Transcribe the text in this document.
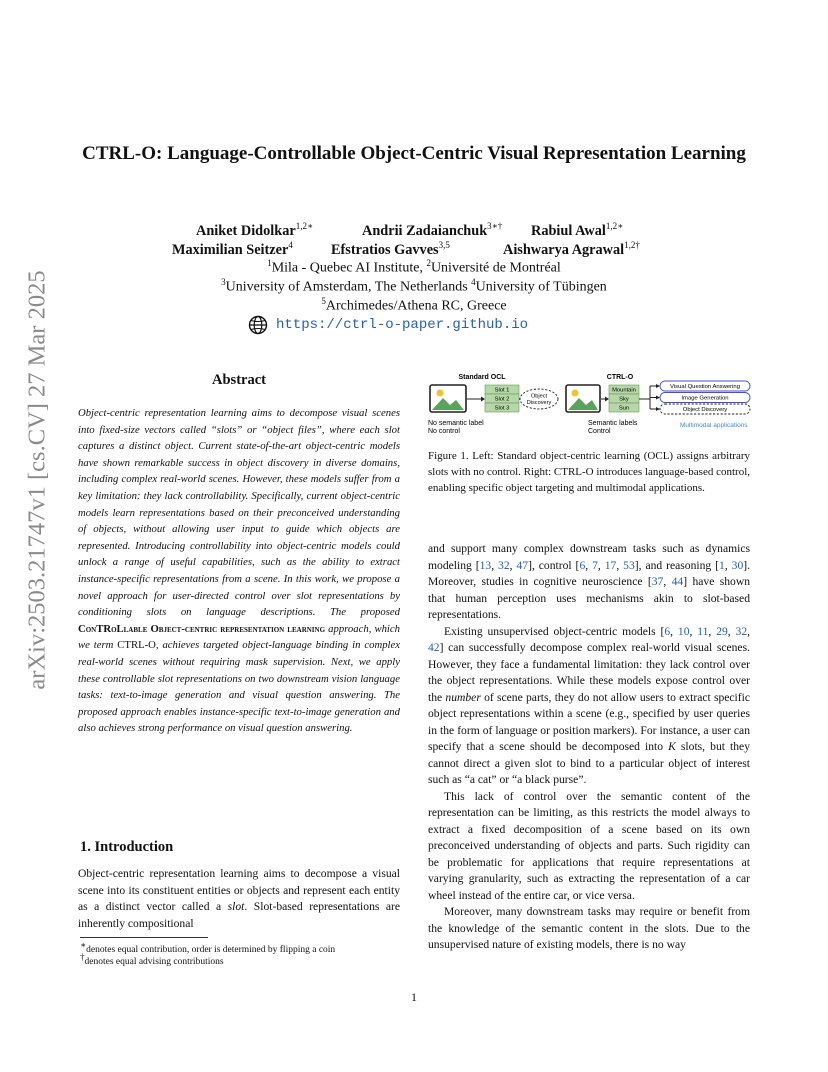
arXiv:2503.21747v1 [cs.CV] 27 Mar 2025
CTRL-O: Language-Controllable Object-Centric Visual Representation Learning
Aniket Didolkar$^{1,2∗}$	Andrii Zadaianchuk$^{3∗\dagger}$ Rabiul Awal$^{1,2∗}$
Maximilian Seitzer$^4$	Efstratios Gavves$^{3,5}$	Aishwarya Agrawal$^{1,2\dagger}$
$^1$Mila - Quebec AI Institute, $^2$Université de Montréal
$^3$University of Amsterdam, The Netherlands $^4$University of Tübingen
$^5$Archimedes/Athena RC, Greece
https://ctrl-o-paper.github.io
Abstract

Object-centric representation learning aims to decompose visual scenes into fixed-size vectors called “slots” or “object files”, where each slot captures a distinct object. Current state-of-the-art object-centric models have shown remarkable success in object discovery in diverse domains, including complex real-world scenes. However, these models suffer from a key limitation: they lack controllability. Specifically, current object-centric models learn representations based on their preconceived understanding of objects, without allowing user input to guide which objects are represented. Introducing controllability into object-centric models could unlock a range of useful capabilities, such as the ability to extract instance-specific representations from a scene. In this work, we propose a novel approach for user-directed control over slot representations by conditioning slots on language descriptions. The proposed ConTRoLlable Object-centric representation learning approach, which we term CTRL-O, achieves targeted object-language binding in complex real-world scenes without requiring mask supervision. Next, we apply these controllable slot representations on two downstream vision language tasks: text-to-image generation and visual question answering. The proposed approach enables instance-specific text-to-image generation and also achieves strong performance on visual question answering.

1. Introduction

Object-centric representation learning aims to decompose a visual scene into its constituent entities or objects and represent each entity as a distinct vector called a slot. Slot-based representations are inherently compositional

∗denotes equal contribution, order is determined by flipping a coin
†denotes equal advising contributions
Standard OCL
Slot 1
Slot 2
Slot 3
Object
Discovery
No semantic label
No control
CTRL-O
Mountain
Sky
Sun
Visual Question Answering
Image Generation
Object Discovery
Semantic labels
Control
Multimodal applications

Figure 1. Left: Standard object-centric learning (OCL) assigns arbitrary slots with no control. Right: CTRL-O introduces language-based control, enabling specific object targeting and multimodal applications.

and support many complex downstream tasks such as dynamics modeling [13, 32, 47], control [6, 7, 17, 53], and reasoning [1, 30]. Moreover, studies in cognitive neuroscience [37, 44] have shown that human perception uses mechanisms akin to slot-based representations.

Existing unsupervised object-centric models [6, 10, 11, 29, 32, 42] can successfully decompose complex real-world visual scenes. However, they face a fundamental limitation: they lack control over the object representations. While these models expose control over the number of scene parts, they do not allow users to extract specific object representations within a scene (e.g., specified by user queries in the form of language or position markers). For instance, a user can specify that a scene should be decomposed into K slots, but they cannot direct a given slot to bind to a particular object of interest such as “a cat” or “a black purse”.

This lack of control over the semantic content of the representation can be limiting, as this restricts the model always to extract a fixed decomposition of a scene based on its own preconceived understanding of objects and parts. Such rigidity can be problematic for applications that require representations at varying granularity, such as extracting the representation of a car wheel instead of the entire car, or vice versa.

Moreover, many downstream tasks may require or benefit from the knowledge of the semantic content in the slots. Due to the unsupervised nature of existing models, there is no way

1
